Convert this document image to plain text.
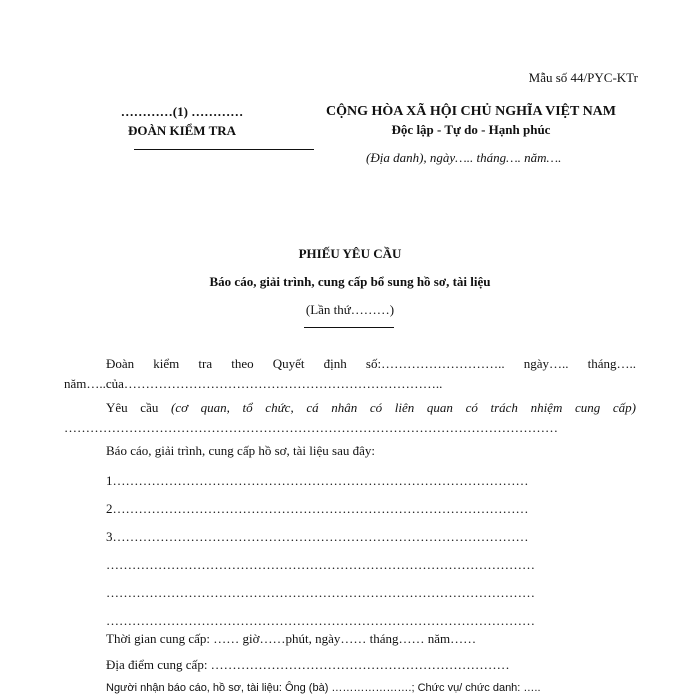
Mẫu số 44/PYC-KTr
…………(1) …………
ĐOÀN KIỂM TRA
CỘNG HÒA XÃ HỘI CHỦ NGHĨA VIỆT NAM
Độc lập - Tự do - Hạnh phúc
(Địa danh), ngày….. tháng…. năm….
PHIẾU YÊU CẦU
Báo cáo, giải trình, cung cấp bổ sung hồ sơ, tài liệu
(Lần thứ………)
Đoàn kiểm tra theo Quyết định số:……………………….. ngày….. tháng…..
năm…..của………………………………………………………………..
Yêu cầu (cơ quan, tổ chức, cá nhân có liên quan có trách nhiệm cung cấp)
……………………………………………………………………………………………………
Báo cáo, giải trình, cung cấp hồ sơ, tài liệu sau đây:
1……………………………………………………………………………………
2……………………………………………………………………………………
3……………………………………………………………………………………
………………………………………………………………………………………
………………………………………………………………………………………
………………………………………………………………………………………
Thời gian cung cấp: …… giờ……phút, ngày…… tháng…… năm……
Địa điểm cung cấp: ……………………………………………………………
Người nhận báo cáo, hồ sơ, tài liệu: Ông (bà) ………………….; Chức vụ/ chức danh: …..
